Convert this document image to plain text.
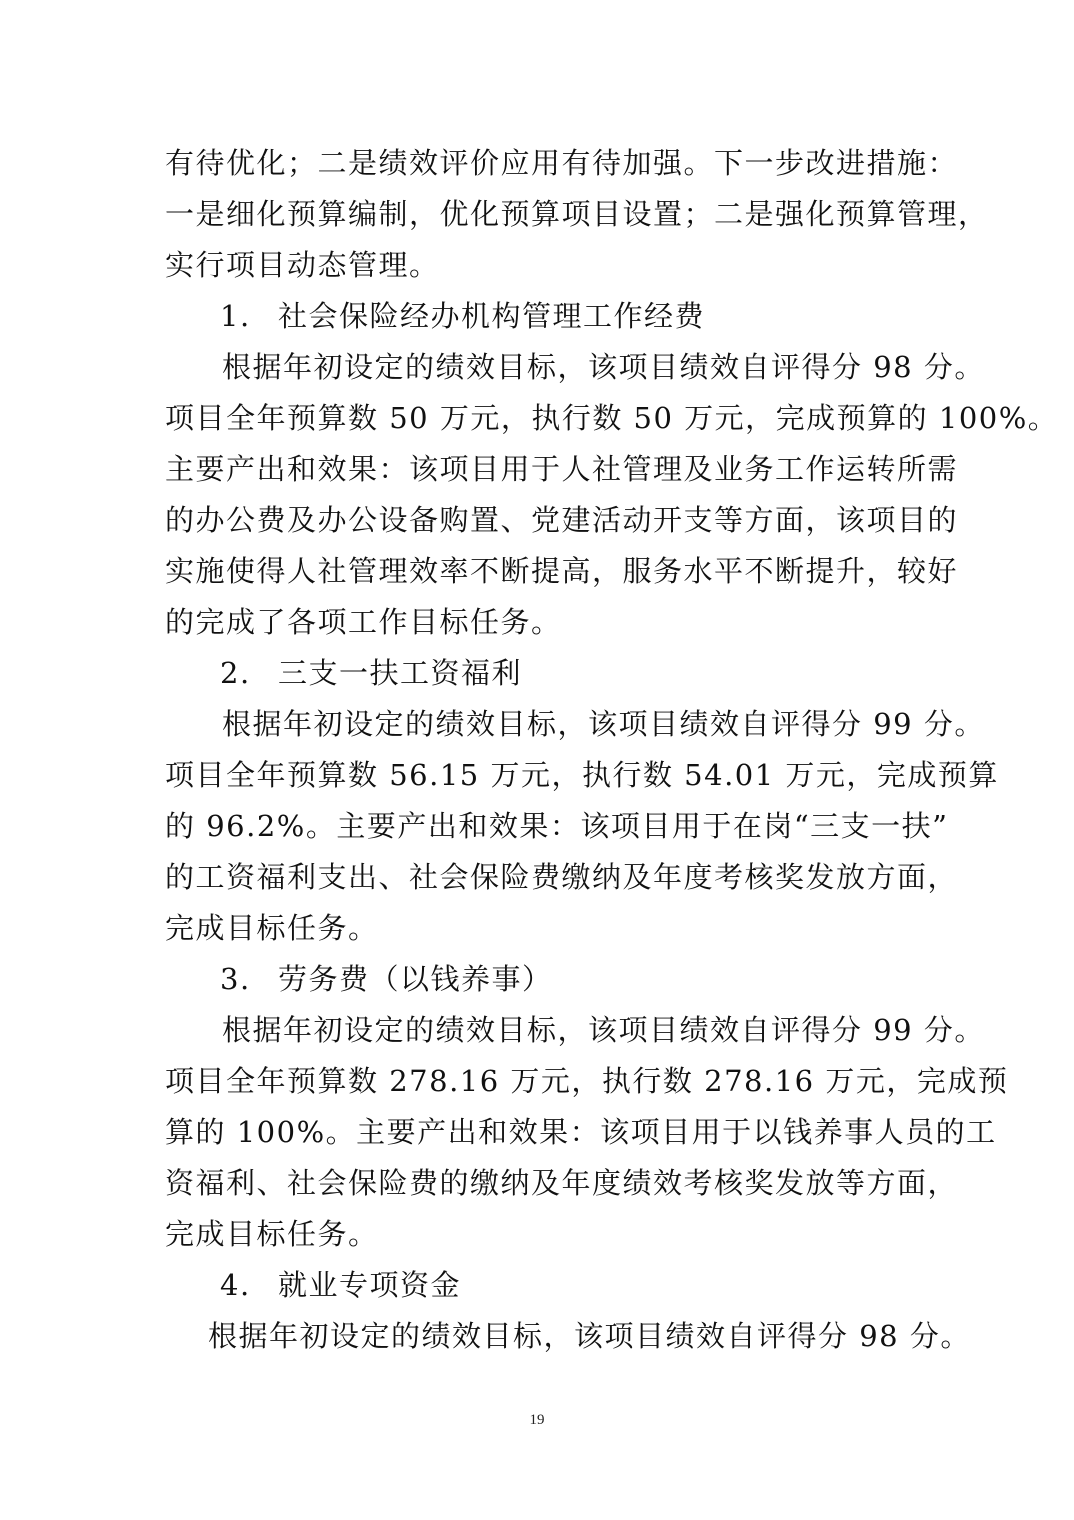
有待优化；二是绩效评价应用有待加强。下一步改进措施：
一是细化预算编制，优化预算项目设置；二是强化预算管理，
实行项目动态管理。
1. 社会保险经办机构管理工作经费
根据年初设定的绩效目标，该项目绩效自评得分 98 分。
项目全年预算数 50 万元，执行数 50 万元，完成预算的 100%。
主要产出和效果：该项目用于人社管理及业务工作运转所需
的办公费及办公设备购置、党建活动开支等方面，该项目的
实施使得人社管理效率不断提高，服务水平不断提升，较好
的完成了各项工作目标任务。
2. 三支一扶工资福利
根据年初设定的绩效目标，该项目绩效自评得分 99 分。
项目全年预算数 56.15 万元，执行数 54.01 万元，完成预算
的 96.2%。主要产出和效果：该项目用于在岗“三支一扶”
的工资福利支出、社会保险费缴纳及年度考核奖发放方面，
完成目标任务。
3. 劳务费（以钱养事）
根据年初设定的绩效目标，该项目绩效自评得分 99 分。
项目全年预算数 278.16 万元，执行数 278.16 万元，完成预
算的 100%。主要产出和效果：该项目用于以钱养事人员的工
资福利、社会保险费的缴纳及年度绩效考核奖发放等方面，
完成目标任务。
4. 就业专项资金
根据年初设定的绩效目标，该项目绩效自评得分 98 分。
19
